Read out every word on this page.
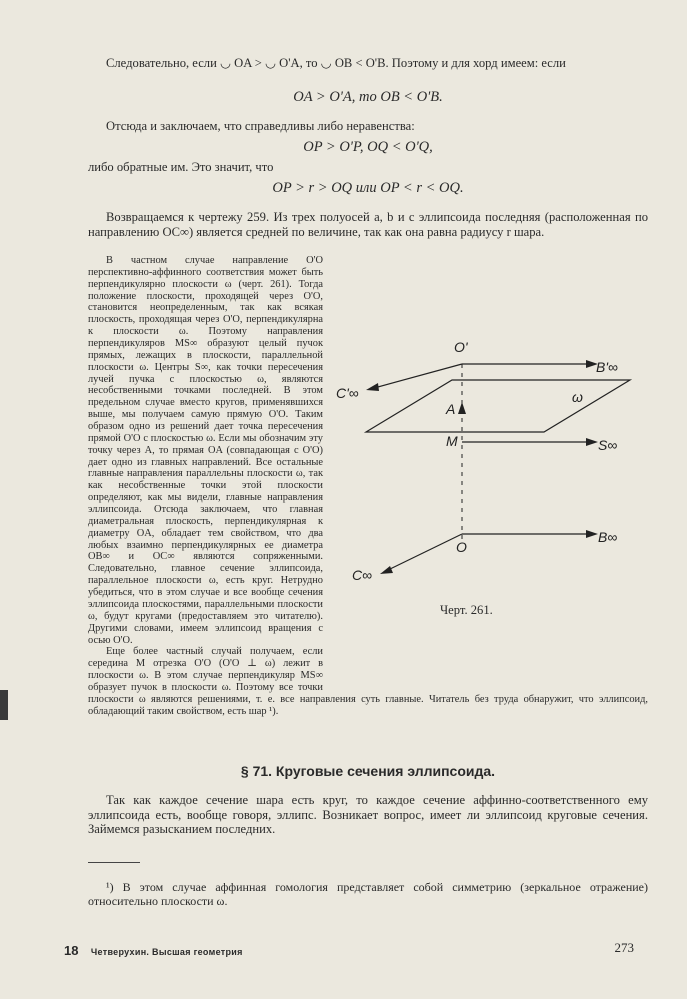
Следовательно, если ◡ OA > ◡ O'A, то ◡ OB < O'B. Поэтому и для хорд имеем: если
OA > O'A, то OB < O'B.
Отсюда и заключаем, что справедливы либо неравенства:
OP > O'P, OQ < O'Q,
либо обратные им. Это значит, что
OP > r > OQ или OP < r < OQ.
Возвращаемся к чертежу 259. Из трех полуосей a, b и c эллипсоида последняя (расположенная по направлению OC∞) является средней по величине, так как она равна радиусу r шара.
В частном случае направление O'O перспективно-аффинного соответствия может быть перпендикулярно плоскости ω (черт. 261). Тогда положение плоскости, проходящей через O'O, становится неопределенным, так как всякая плоскость, проходящая через O'O, перпендикулярна к плоскости ω. Поэтому направления перпендикуляров MS∞ образуют целый пучок прямых, лежащих в плоскости, параллельной плоскости ω. Центры S∞, как точки пересечения лучей пучка с плоскостью ω, являются несобственными точками последней. В этом предельном случае вместо кругов, применявшихся выше, мы получаем самую прямую O'O. Таким образом одно из решений дает точка пересечения прямой O'O с плоскостью ω. Если мы обозначим эту точку через A, то прямая OA (совпадающая с O'O) дает одно из главных направлений. Все остальные главные направления параллельны плоскости ω, так как несобственные точки этой плоскости определяют, как мы видели, главные направления эллипсоида. Отсюда заключаем, что главная диаметральная плоскость, перпендикулярная к диаметру OA, обладает тем свойством, что два любых взаимно перпендикулярных ее диаметра OB∞ и OC∞ являются сопряженными. Следовательно, главное сечение эллипсоида, параллельное плоскости ω, есть круг. Нетрудно убедиться, что в этом случае и все вообще сечения эллипсоида плоскостями, параллельными плоскости ω, будут кругами (предоставляем это читателю). Другими словами, имеем эллипсоид вращения с осью O'O.
Еще более частный случай получаем, если середина M отрезка O'O (O'O ⊥ ω) лежит в плоскости ω. В этом случае перпендикуляр MS∞ образует пучок в плоскости ω. Поэтому все точки плоскости ω являются решениями, т. е. все направления суть главные. Читатель без труда обнаружит, что эллипсоид, обладающий таким свойством, есть шар ¹).
O'
B'∞
C'∞	ω
A
M	S∞
O
B∞
C∞
Черт. 261.
§ 71. Круговые сечения эллипсоида.
Так как каждое сечение шара есть круг, то каждое сечение аффинно-соответственного ему эллипсоида есть, вообще говоря, эллипс. Возникает вопрос, имеет ли эллипсоид круговые сечения. Займемся разысканием последних.
¹) В этом случае аффинная гомология представляет собой симметрию (зеркальное отражение) относительно плоскости ω.
18 Четверухин. Высшая геометрия	273
